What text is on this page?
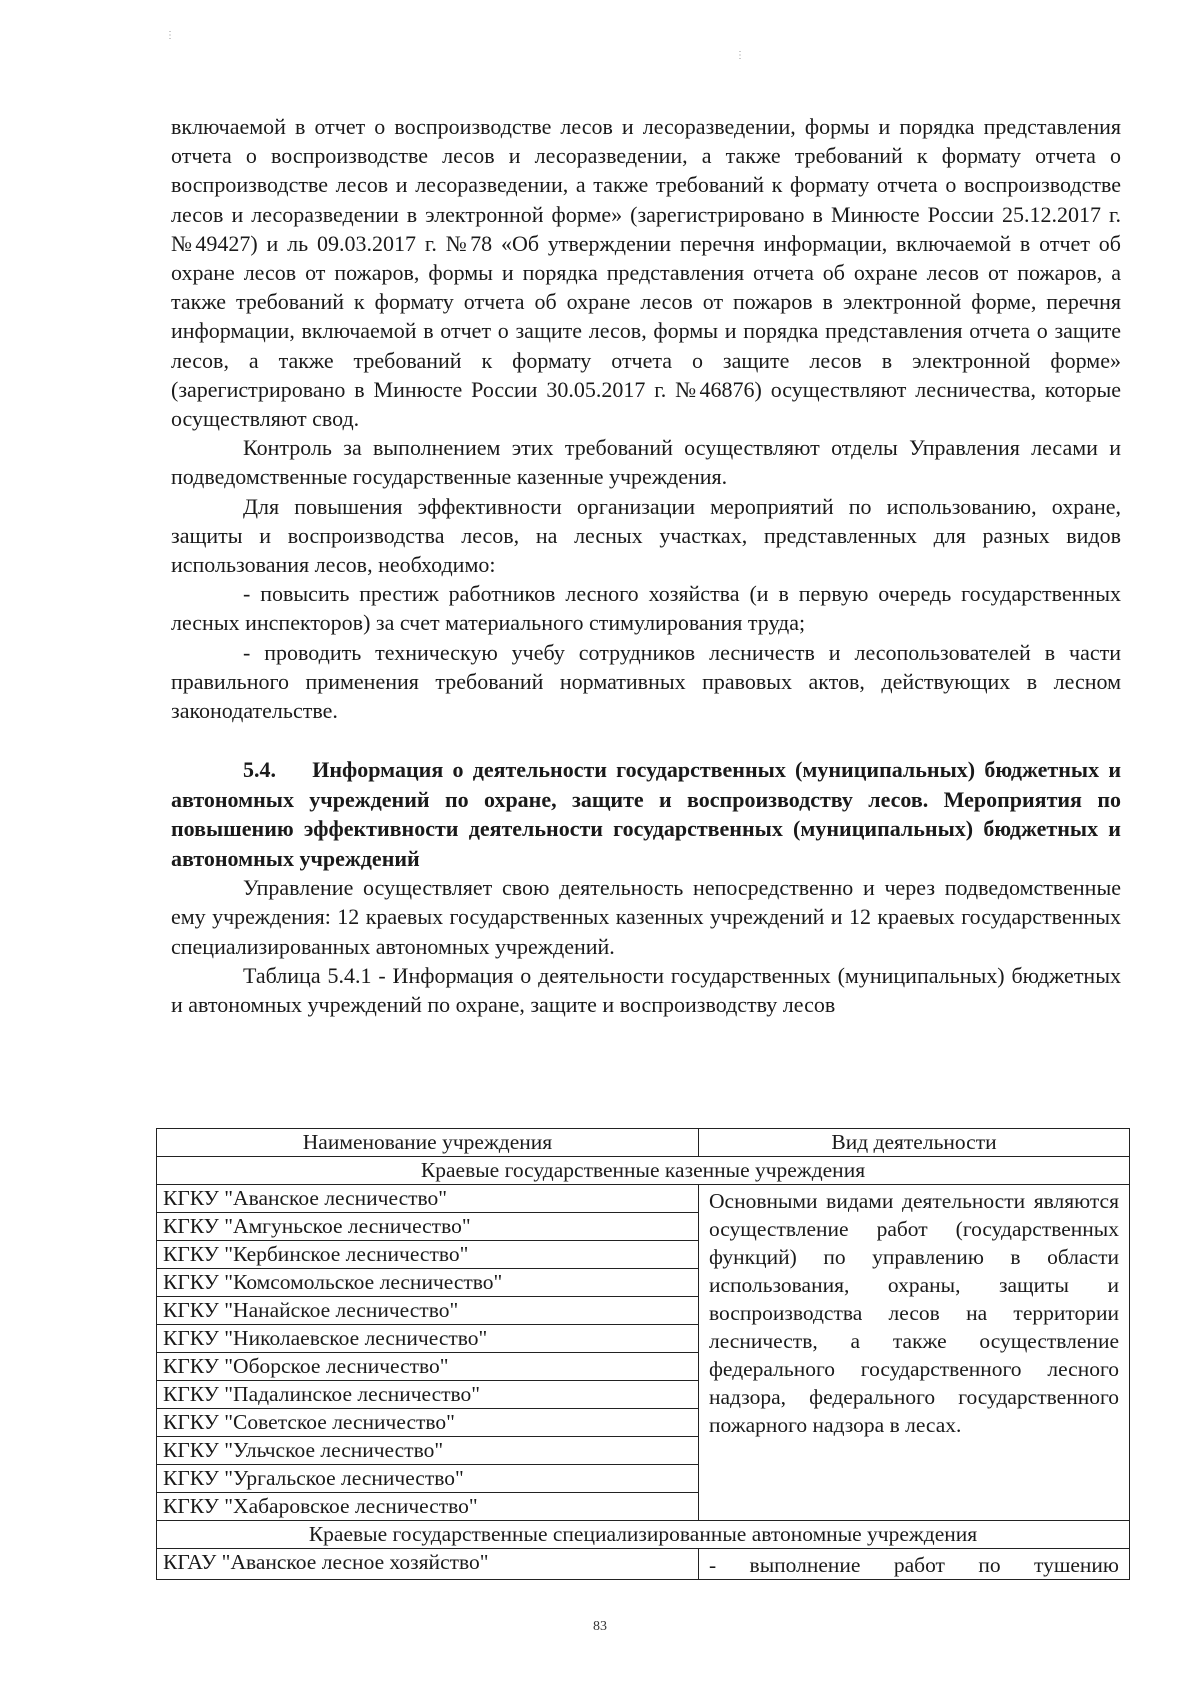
⋮
⋮

включаемой в отчет о воспроизводстве лесов и лесоразведении, формы и порядка представления отчета о воспроизводстве лесов и лесоразведении, а также требований к формату отчета о воспроизводстве лесов и лесоразведении, а также требований к формату отчета о воспроизводстве лесов и лесоразведении в электронной форме» (зарегистрировано в Минюсте России 25.12.2017 г. №49427) и ль 09.03.2017 г. №78 «Об утверждении перечня информации, включаемой в отчет об охране лесов от пожаров, формы и порядка представления отчета об охране лесов от пожаров, а также требований к формату отчета об охране лесов от пожаров в электронной форме, перечня информации, включаемой в отчет о защите лесов, формы и порядка представления отчета о защите лесов, а также требований к формату отчета о защите лесов в электронной форме» (зарегистрировано в Минюсте России 30.05.2017 г. №46876) осуществляют лесничества, которые осуществляют свод.

Контроль за выполнением этих требований осуществляют отделы Управления лесами и подведомственные государственные казенные учреждения.

Для повышения эффективности организации мероприятий по использованию, охране, защиты и воспроизводства лесов, на лесных участках, представленных для разных видов использования лесов, необходимо:

- повысить престиж работников лесного хозяйства (и в первую очередь государственных лесных инспекторов) за счет материального стимулирования труда;

- проводить техническую учебу сотрудников лесничеств и лесопользователей в части правильного применения требований нормативных правовых актов, действующих в лесном законодательстве.

5.4. Информация о деятельности государственных (муниципальных) бюджетных и автономных учреждений по охране, защите и воспроизводству лесов. Мероприятия по повышению эффективности деятельности государственных (муниципальных) бюджетных и автономных учреждений

Управление осуществляет свою деятельность непосредственно и через подведомственные ему учреждения: 12 краевых государственных казенных учреждений и 12 краевых государственных специализированных автономных учреждений.

Таблица 5.4.1 - Информация о деятельности государственных (муниципальных) бюджетных и автономных учреждений по охране, защите и воспроизводству лесов

Наименование учреждения	Вид деятельности
Краевые государственные казенные учреждения	
КГКУ "Аванское лесничество"	Основными видами деятельности являются осуществление работ (государственных функций) по управлению в области использования, охраны, защиты и воспроизводства лесов на территории лесничеств, а также осуществление федерального государственного лесного надзора, федерального государственного пожарного надзора в лесах.
КГКУ "Амгуньское лесничество"	
КГКУ "Кербинское лесничество"	
КГКУ "Комсомольское лесничество"	
КГКУ "Нанайское лесничество"	
КГКУ "Николаевское лесничество"	
КГКУ "Оборское лесничество"	
КГКУ "Падалинское лесничество"	
КГКУ "Советское лесничество"	
КГКУ "Ульчское лесничество"	
КГКУ "Ургальское лесничество"	
КГКУ "Хабаровское лесничество"	
Краевые государственные специализированные автономные учреждения	
КГАУ "Аванское лесное хозяйство"	- выполнение работ по тушению
83
